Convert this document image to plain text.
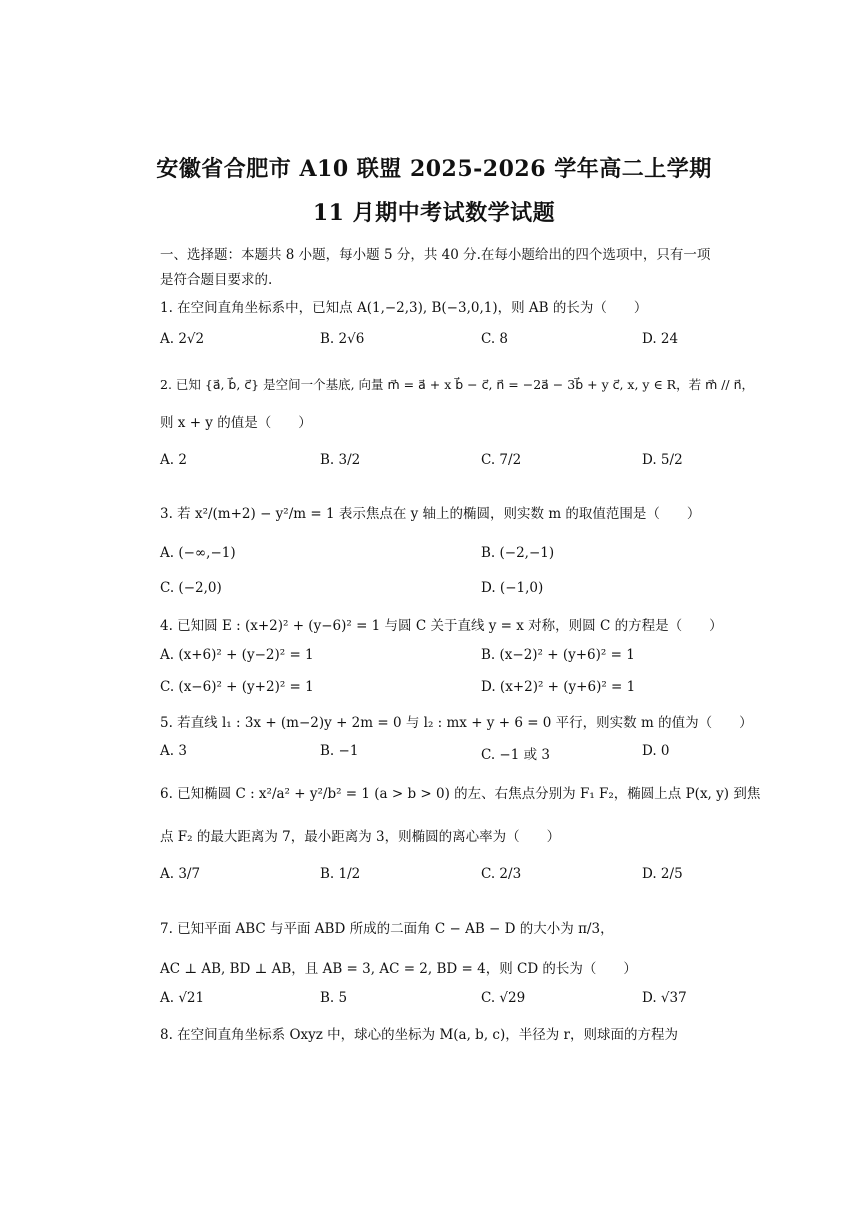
安徽省合肥市 A10 联盟 2025-2026 学年高二上学期
11 月期中考试数学试题
一、选择题：本题共 8 小题，每小题 5 分，共 40 分.在每小题给出的四个选项中，只有一项
是符合题目要求的.
1. 在空间直角坐标系中，已知点 A(1,−2,3), B(−3,0,1)，则 AB 的长为（　　）
A. 2√2	B. 2√6	C. 8	D. 24
2. 已知 {a⃗, b⃗, c⃗} 是空间一个基底, 向量 m⃗ = a⃗ + x b⃗ − c⃗, n⃗ = −2a⃗ − 3b⃗ + y c⃗, x, y ∈ R，若 m⃗ // n⃗，
则 x + y 的值是（　　）
A. 2	B. 3/2	C. 7/2	D. 5/2
3. 若 x²/(m+2) − y²/m = 1 表示焦点在 y 轴上的椭圆，则实数 m 的取值范围是（　　）
A. (−∞,−1)	B. (−2,−1)
C. (−2,0)	D. (−1,0)
4. 已知圆 E : (x+2)² + (y−6)² = 1 与圆 C 关于直线 y = x 对称，则圆 C 的方程是（　　）
A. (x+6)² + (y−2)² = 1	B. (x−2)² + (y+6)² = 1
C. (x−6)² + (y+2)² = 1	D. (x+2)² + (y+6)² = 1
5. 若直线 l₁ : 3x + (m−2)y + 2m = 0 与 l₂ : mx + y + 6 = 0 平行，则实数 m 的值为（　　）
A. 3	B. −1	C. −1 或 3	D. 0
6. 已知椭圆 C : x²/a² + y²/b² = 1 (a > b > 0) 的左、右焦点分别为 F₁ F₂，椭圆上点 P(x, y) 到焦
点 F₂ 的最大距离为 7，最小距离为 3，则椭圆的离心率为（　　）
A. 3/7	B. 1/2	C. 2/3	D. 2/5
7. 已知平面 ABC 与平面 ABD 所成的二面角 C − AB − D 的大小为 π/3，
AC ⊥ AB, BD ⊥ AB，且 AB = 3, AC = 2, BD = 4，则 CD 的长为（　　）
A. √21	B. 5	C. √29	D. √37
8. 在空间直角坐标系 Oxyz 中，球心的坐标为 M(a, b, c)，半径为 r，则球面的方程为
